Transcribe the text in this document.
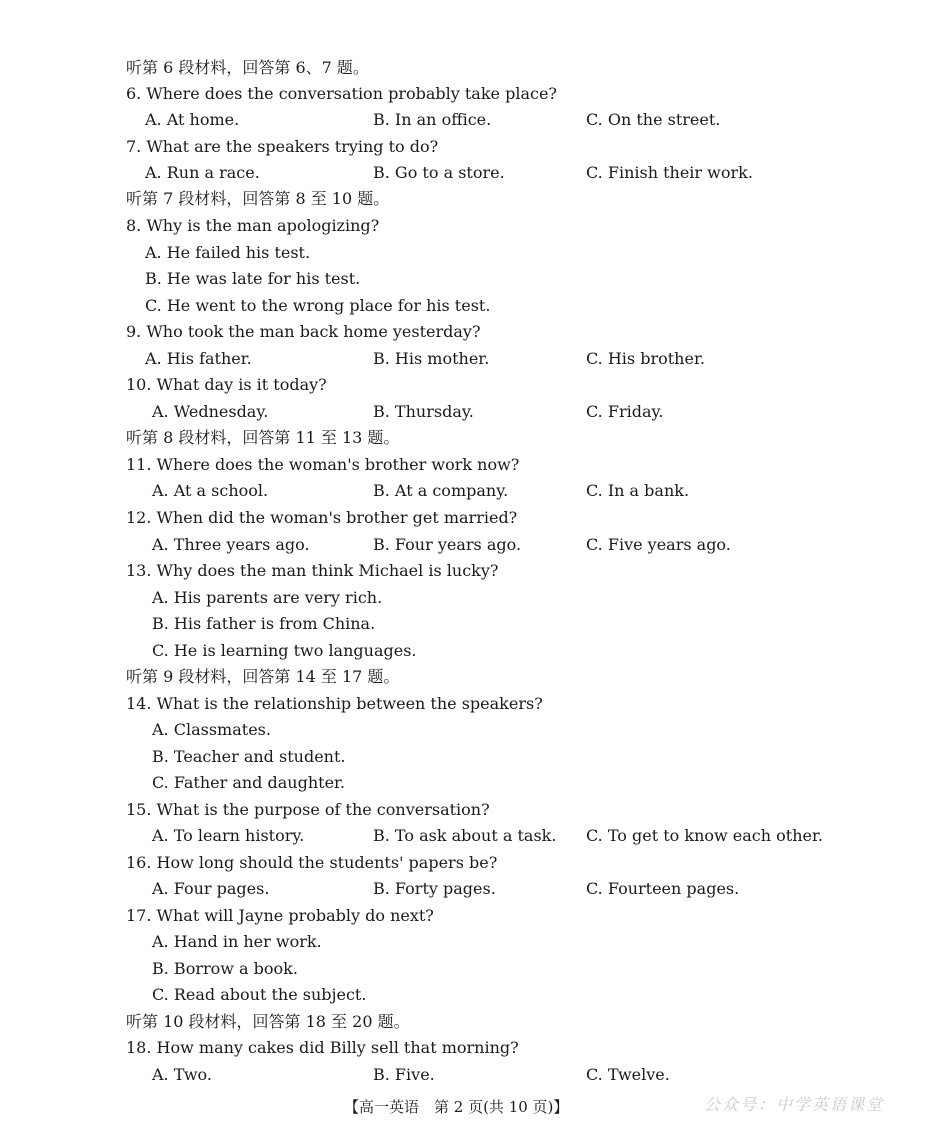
听第 6 段材料，回答第 6、7 题。
6. Where does the conversation probably take place?
A. At home.	B. In an office.	C. On the street.
7. What are the speakers trying to do?
A. Run a race.	B. Go to a store.	C. Finish their work.
听第 7 段材料，回答第 8 至 10 题。
8. Why is the man apologizing?
A. He failed his test.
B. He was late for his test.
C. He went to the wrong place for his test.
9. Who took the man back home yesterday?
A. His father.	B. His mother.	C. His brother.
10. What day is it today?
A. Wednesday.	B. Thursday.	C. Friday.
听第 8 段材料，回答第 11 至 13 题。
11. Where does the woman's brother work now?
A. At a school.	B. At a company.	C. In a bank.
12. When did the woman's brother get married?
A. Three years ago.	B. Four years ago.	C. Five years ago.
13. Why does the man think Michael is lucky?
A. His parents are very rich.
B. His father is from China.
C. He is learning two languages.
听第 9 段材料，回答第 14 至 17 题。
14. What is the relationship between the speakers?
A. Classmates.
B. Teacher and student.
C. Father and daughter.
15. What is the purpose of the conversation?
A. To learn history.	B. To ask about a task. C. To get to know each other.
16. How long should the students' papers be?
A. Four pages.	B. Forty pages.	C. Fourteen pages.
17. What will Jayne probably do next?
A. Hand in her work.
B. Borrow a book.
C. Read about the subject.
听第 10 段材料，回答第 18 至 20 题。
18. How many cakes did Billy sell that morning?
A. Two.	B. Five.	C. Twelve.
【高一英语　第 2 页(共 10 页)】	公众号：中学英语课堂
